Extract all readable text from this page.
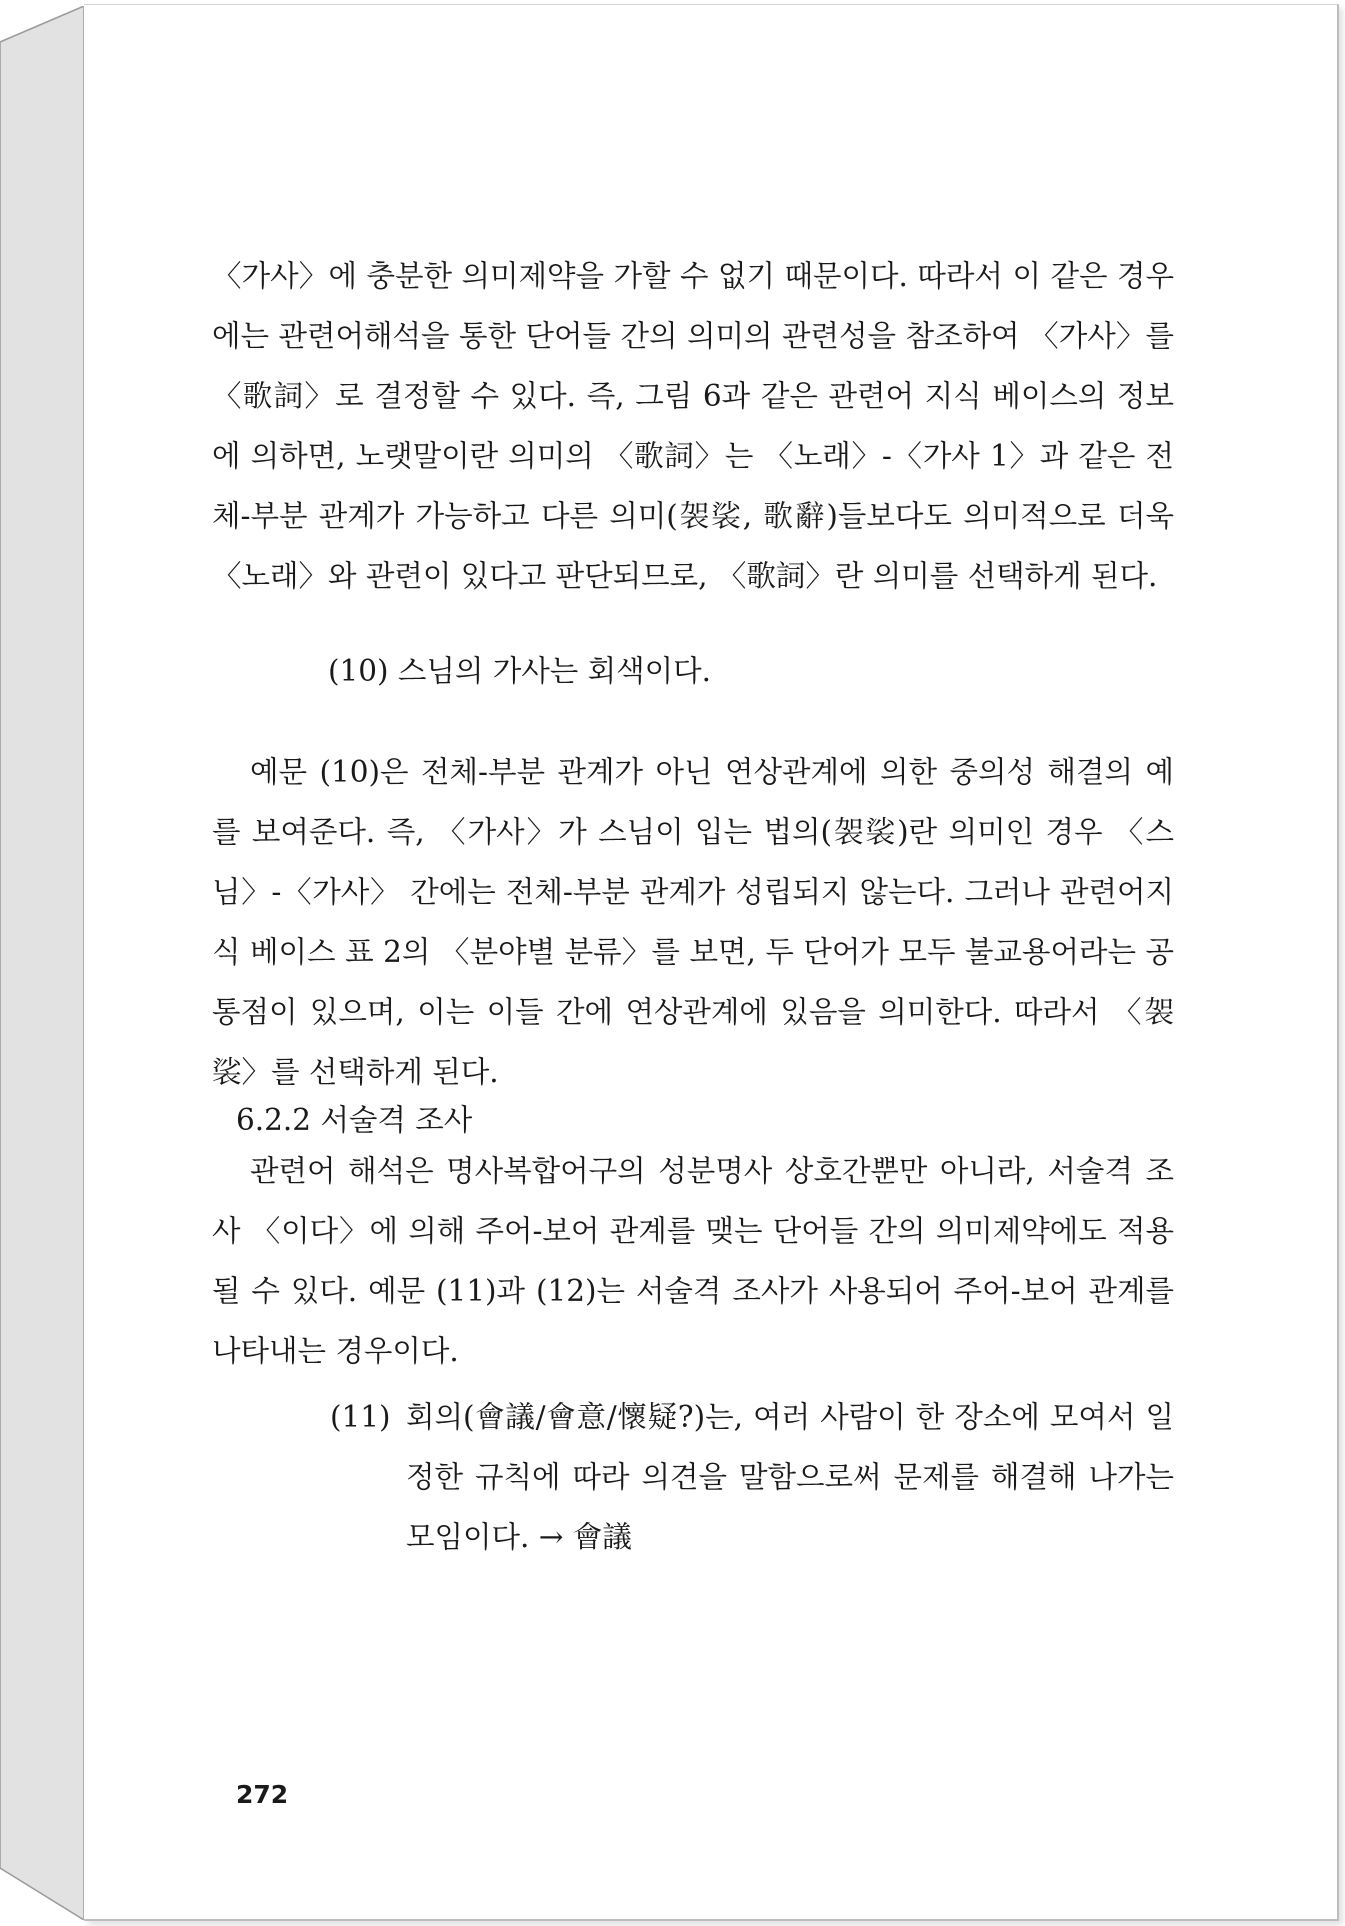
〈가사〉에 충분한 의미제약을 가할 수 없기 때문이다. 따라서 이 같은 경우에는 관련어해석을 통한 단어들 간의 의미의 관련성을 참조하여 〈가사〉를 〈歌詞〉로 결정할 수 있다. 즉, 그림 6과 같은 관련어 지식 베이스의 정보에 의하면, 노랫말이란 의미의 〈歌詞〉는 〈노래〉-〈가사 1〉과 같은 전체-부분 관계가 가능하고 다른 의미(袈裟, 歌辭)들보다도 의미적으로 더욱 〈노래〉와 관련이 있다고 판단되므로, 〈歌詞〉란 의미를 선택하게 된다.

(10) 스님의 가사는 회색이다.

예문 (10)은 전체-부분 관계가 아닌 연상관계에 의한 중의성 해결의 예를 보여준다. 즉, 〈가사〉가 스님이 입는 법의(袈裟)란 의미인 경우 〈스님〉-〈가사〉 간에는 전체-부분 관계가 성립되지 않는다. 그러나 관련어지식 베이스 표 2의 〈분야별 분류〉를 보면, 두 단어가 모두 불교용어라는 공통점이 있으며, 이는 이들 간에 연상관계에 있음을 의미한다. 따라서 〈袈裟〉를 선택하게 된다.

6.2.2 서술격 조사

관련어 해석은 명사복합어구의 성분명사 상호간뿐만 아니라, 서술격 조사 〈이다〉에 의해 주어-보어 관계를 맺는 단어들 간의 의미제약에도 적용될 수 있다. 예문 (11)과 (12)는 서술격 조사가 사용되어 주어-보어 관계를 나타내는 경우이다.

(11) 회의(會議/會意/懷疑?)는, 여러 사람이 한 장소에 모여서 일정한 규칙에 따라 의견을 말함으로써 문제를 해결해 나가는 모임이다. → 會議
272
